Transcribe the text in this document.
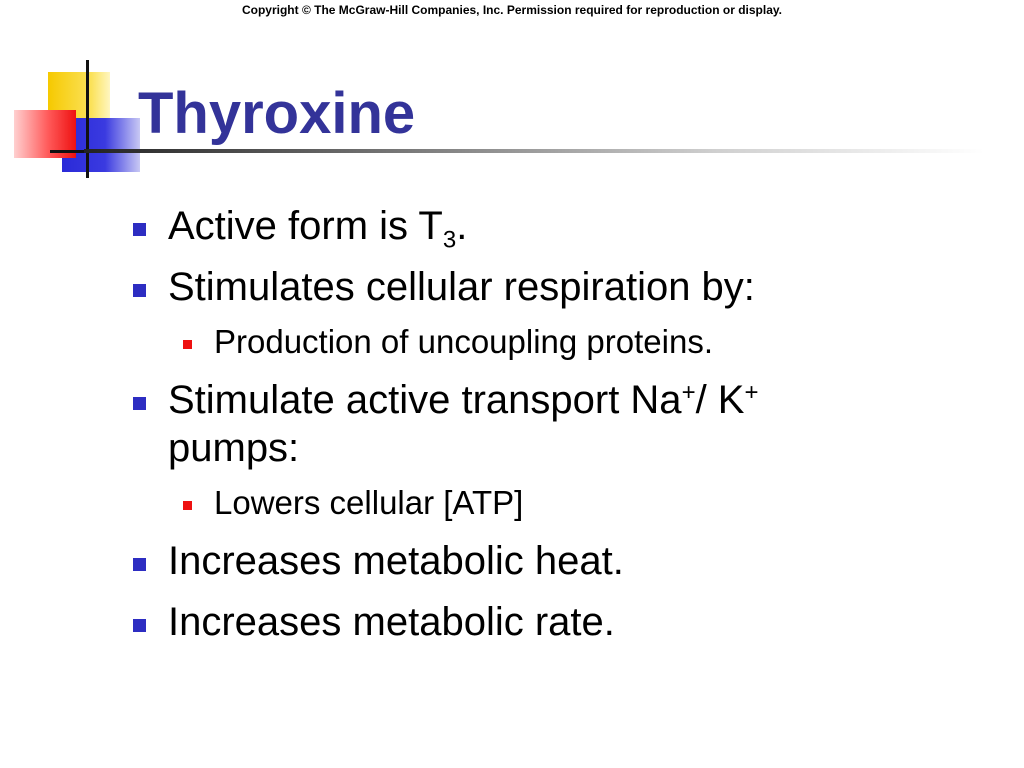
Copyright © The McGraw-Hill Companies, Inc. Permission required for reproduction or display.
Thyroxine
Active form is $T_3$.
Stimulates cellular respiration by:
Production of uncoupling proteins.
Stimulate active transport Na+/ K+
pumps:
Lowers cellular [ATP]
Increases metabolic heat.
Increases metabolic rate.
